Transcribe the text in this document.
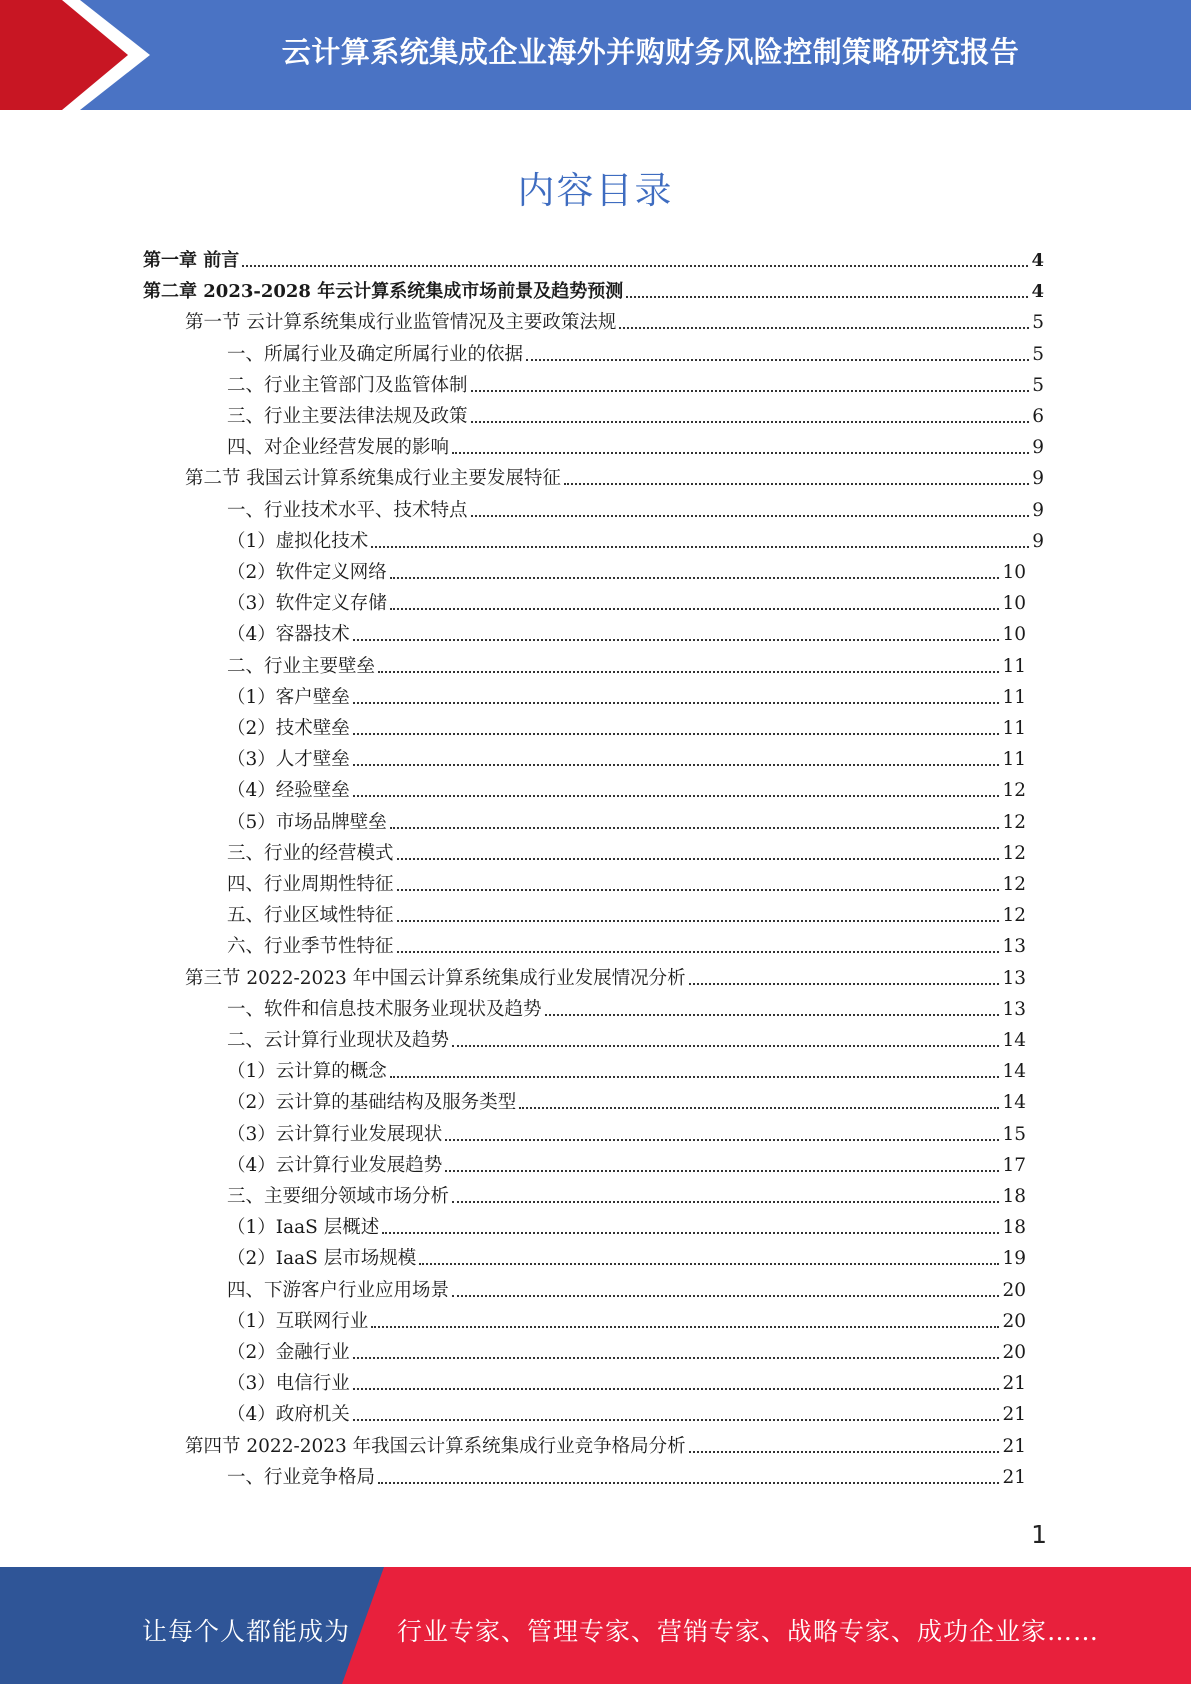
云计算系统集成企业海外并购财务风险控制策略研究报告
内容目录
第一章 前言	4
第二章 2023-2028 年云计算系统集成市场前景及趋势预测	4
第一节 云计算系统集成行业监管情况及主要政策法规	5
一、所属行业及确定所属行业的依据	5
二、行业主管部门及监管体制	5
三、行业主要法律法规及政策	6
四、对企业经营发展的影响	9
第二节 我国云计算系统集成行业主要发展特征	9
一、行业技术水平、技术特点	9
（1）虚拟化技术	9
（2）软件定义网络	10
（3）软件定义存储	10
（4）容器技术	10
二、行业主要壁垒	11
（1）客户壁垒	11
（2）技术壁垒	11
（3）人才壁垒	11
（4）经验壁垒	12
（5）市场品牌壁垒	12
三、行业的经营模式	12
四、行业周期性特征	12
五、行业区域性特征	12
六、行业季节性特征	13
第三节 2022-2023 年中国云计算系统集成行业发展情况分析	13
一、软件和信息技术服务业现状及趋势	13
二、云计算行业现状及趋势	14
（1）云计算的概念	14
（2）云计算的基础结构及服务类型	14
（3）云计算行业发展现状	15
（4）云计算行业发展趋势	17
三、主要细分领域市场分析	18
（1）IaaS 层概述	18
（2）IaaS 层市场规模	19
四、下游客户行业应用场景	20
（1）互联网行业	20
（2）金融行业	20
（3）电信行业	21
（4）政府机关	21
第四节 2022-2023 年我国云计算系统集成行业竞争格局分析	21
一、行业竞争格局	21
1
让每个人都能成为 行业专家、管理专家、营销专家、战略专家、成功企业家……
